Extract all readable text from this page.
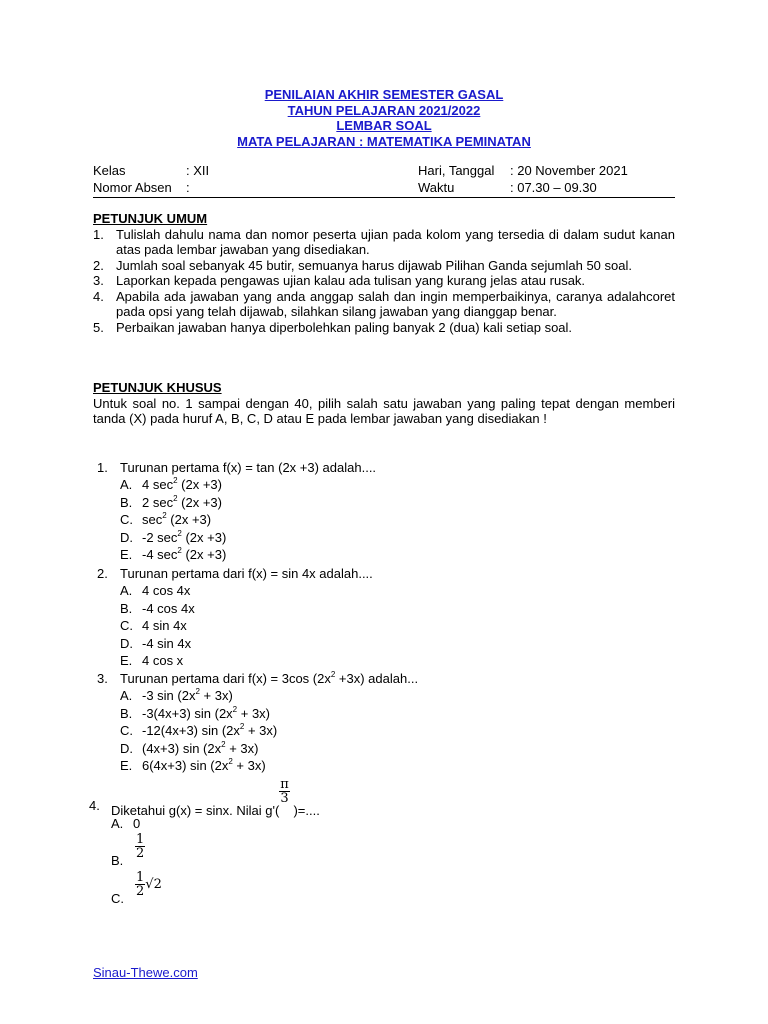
PENILAIAN AKHIR SEMESTER GASAL
TAHUN PELAJARAN 2021/2022
LEMBAR SOAL
MATA PELAJARAN : MATEMATIKA PEMINATAN
Kelas	: XII	Hari, Tanggal : 20 November 2021
Nomor Absen :	Waktu	: 07.30 – 09.30
PETUNJUK UMUM
1. Tulislah dahulu nama dan nomor peserta ujian pada kolom yang tersedia di dalam sudut kanan atas pada lembar jawaban yang disediakan.
2. Jumlah soal sebanyak 45 butir, semuanya harus dijawab Pilihan Ganda sejumlah 50 soal.
3. Laporkan kepada pengawas ujian kalau ada tulisan yang kurang jelas atau rusak.
4. Apabila ada jawaban yang anda anggap salah dan ingin memperbaikinya, caranya adalahcoret pada opsi yang telah dijawab, silahkan silang jawaban yang dianggap benar.
5. Perbaikan jawaban hanya diperbolehkan paling banyak 2 (dua) kali setiap soal.
PETUNJUK KHUSUS
Untuk soal no. 1 sampai dengan 40, pilih salah satu jawaban yang paling tepat dengan memberi tanda (X) pada huruf A, B, C, D atau E pada lembar jawaban yang disediakan !
1. Turunan pertama f(x) = tan (2x +3) adalah....
A. 4 $\sec^2 (2x +3)$
B. 2 $\sec^2 (2x +3)$
C. $\sec^2 (2x +3)$
D. -2 $\sec^2 (2x +3)$
E. -4 $\sec^2 (2x +3)$
2. Turunan pertama dari f(x) = sin 4x adalah....
A. 4 cos 4x
B. -4 cos 4x
C. 4 sin 4x
D. -4 sin 4x
E. 4 cos x
3. Turunan pertama dari f(x) = 3cos $(2x^2 +3x)$ adalah...
A. -3 $\sin (2x^2 + 3x)$
B. -3(4x+3) $\sin (2x^2 + 3x)$
C. -12(4x+3) $\sin (2x^2 + 3x)$
D. (4x+3) $\sin (2x^2 + 3x)$
E. 6(4x+3) $\sin (2x^2 + 3x)$
4. Diketahui g(x) = sinx. Nilai g'(
$\frac{\pi}{3}$
)=....
A. 0
B.
$\frac{1}{2}$
C.
$\frac{1}{2} √2$
Sinau-Thewe.com
